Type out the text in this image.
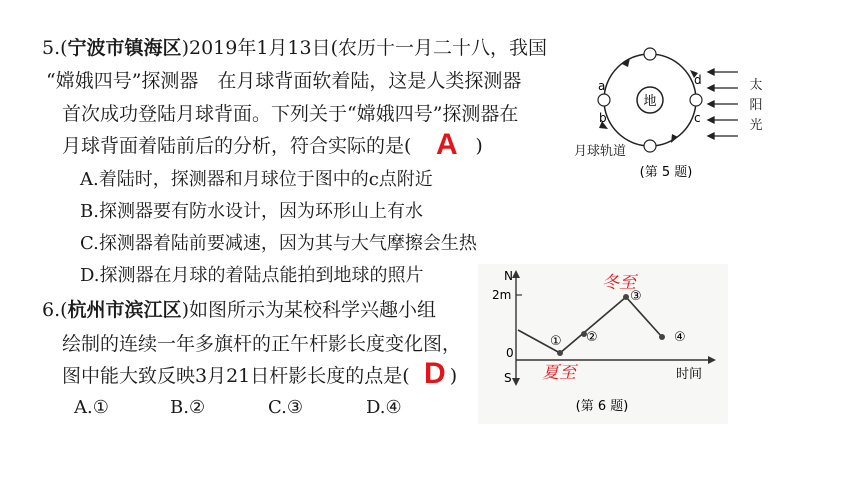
5.(宁波市镇海区)2019年1月13日(农历十一月二十八，我国
“嫦娥四号”探测器　在月球背面软着陆，这是人类探测器
首次成功登陆月球背面。下列关于“嫦娥四号”探测器在
月球背面着陆前后的分析，符合实际的是(	)
A
A.着陆时，探测器和月球位于图中的c点附近
B.探测器要有防水设计，因为环形山上有水
C.探测器着陆前要减速，因为其与大气摩擦会生热
D.探测器在月球的着陆点能拍到地球的照片
地
a
b	c
d
(第 5 题)
太
阳
光
月球轨道
6.(杭州市滨江区)如图所示为某校科学兴趣小组
绘制的连续一年多旗杆的正午杆影长度变化图，
图中能大致反映3月21日杆影长度的点是( )
D
A.①	B.②	C.③	D.④
N
S
2m
0
① ②
③
④
冬至
夏至	时间
(第 6 题)
